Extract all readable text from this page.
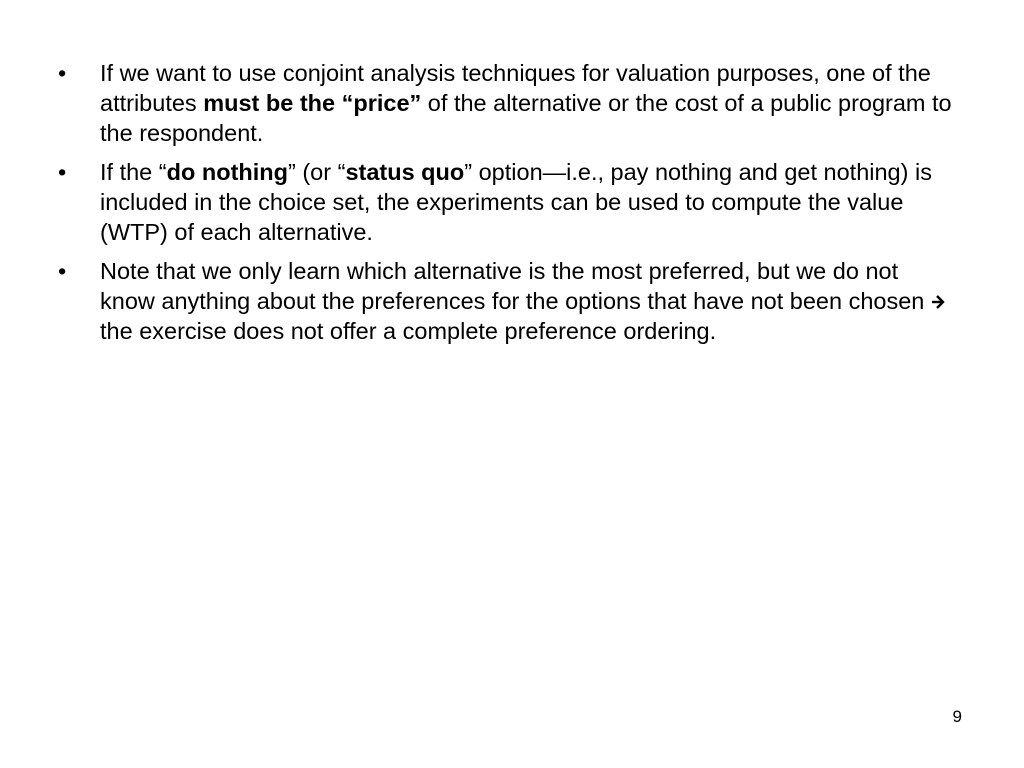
•	If we want to use conjoint analysis techniques for valuation purposes, one of the attributes must be the “price” of the alternative or the cost of a public program to the respondent.
•	If the “do nothing” (or “status quo” option—i.e., pay nothing and get nothing) is included in the choice set, the experiments can be used to compute the value (WTP) of each alternative.
•	Note that we only learn which alternative is the most preferred, but we do not know anything about the preferences for the options that have not been chosen  the exercise does not offer a complete preference ordering.
9
